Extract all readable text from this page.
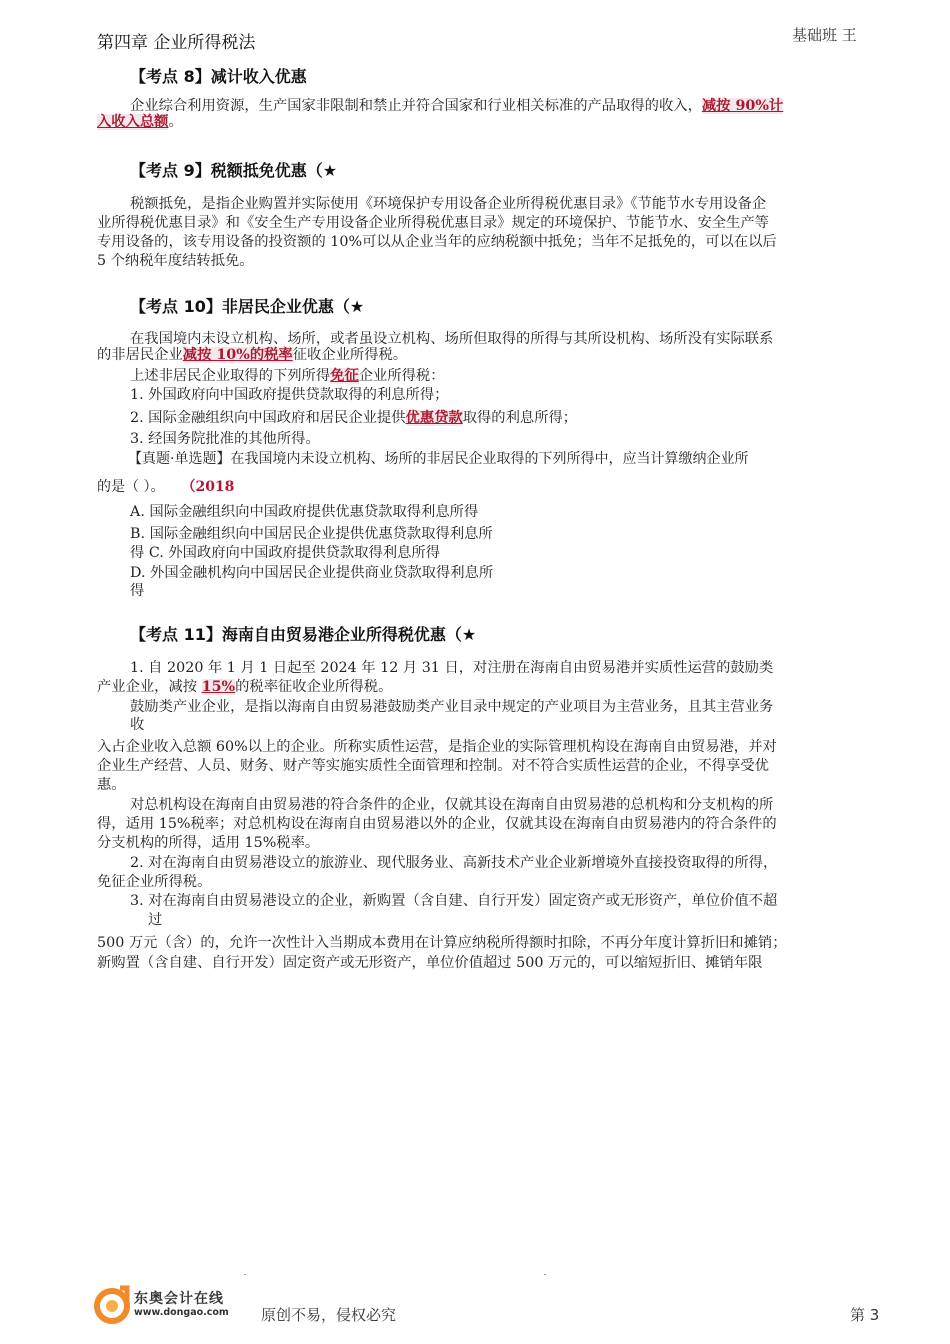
第四章 企业所得税法	基础班 王
【考点 8】减计收入优惠
企业综合利用资源，生产国家非限制和禁止并符合国家和行业相关标准的产品取得的收入，减按 90%计
入收入总额。
【考点 9】税额抵免优惠（★
税额抵免，是指企业购置并实际使用《环境保护专用设备企业所得税优惠目录》《节能节水专用设备企
业所得税优惠目录》和《安全生产专用设备企业所得税优惠目录》规定的环境保护、节能节水、安全生产等
专用设备的，该专用设备的投资额的 10%可以从企业当年的应纳税额中抵免；当年不足抵免的，可以在以后
5 个纳税年度结转抵免。
【考点 10】非居民企业优惠（★
在我国境内未设立机构、场所，或者虽设立机构、场所但取得的所得与其所设机构、场所没有实际联系
的非居民企业减按 10%的税率征收企业所得税。
上述非居民企业取得的下列所得免征企业所得税：
1. 外国政府向中国政府提供贷款取得的利息所得；
2. 国际金融组织向中国政府和居民企业提供优惠贷款取得的利息所得；
3. 经国务院批准的其他所得。
【真题·单选题】在我国境内未设立机构、场所的非居民企业取得的下列所得中，应当计算缴纳企业所
的是（ ）。 （2018
A. 国际金融组织向中国政府提供优惠贷款取得利息所得
B. 国际金融组织向中国居民企业提供优惠贷款取得利息所
得 C. 外国政府向中国政府提供贷款取得利息所得
D. 外国金融机构向中国居民企业提供商业贷款取得利息所
得
【考点 11】海南自由贸易港企业所得税优惠（★
1. 自 2020 年 1 月 1 日起至 2024 年 12 月 31 日，对注册在海南自由贸易港并实质性运营的鼓励类
产业企业，减按 15%的税率征收企业所得税。
鼓励类产业企业，是指以海南自由贸易港鼓励类产业目录中规定的产业项目为主营业务，且其主营业务
收
入占企业收入总额 60%以上的企业。所称实质性运营，是指企业的实际管理机构设在海南自由贸易港，并对
企业生产经营、人员、财务、财产等实施实质性全面管理和控制。对不符合实质性运营的企业，不得享受优
惠。
对总机构设在海南自由贸易港的符合条件的企业，仅就其设在海南自由贸易港的总机构和分支机构的所
得，适用 15%税率；对总机构设在海南自由贸易港以外的企业，仅就其设在海南自由贸易港内的符合条件的
分支机构的所得，适用 15%税率。
2. 对在海南自由贸易港设立的旅游业、现代服务业、高新技术产业企业新增境外直接投资取得的所得，
免征企业所得税。
3. 对在海南自由贸易港设立的企业，新购置（含自建、自行开发）固定资产或无形资产，单位价值不超
过
500 万元（含）的，允许一次性计入当期成本费用在计算应纳税所得额时扣除，不再分年度计算折旧和摊销；
新购置（含自建、自行开发）固定资产或无形资产，单位价值超过 500 万元的，可以缩短折旧、摊销年限
东奥会计在线
www.dongao.com 原创不易，侵权必究	第 3
